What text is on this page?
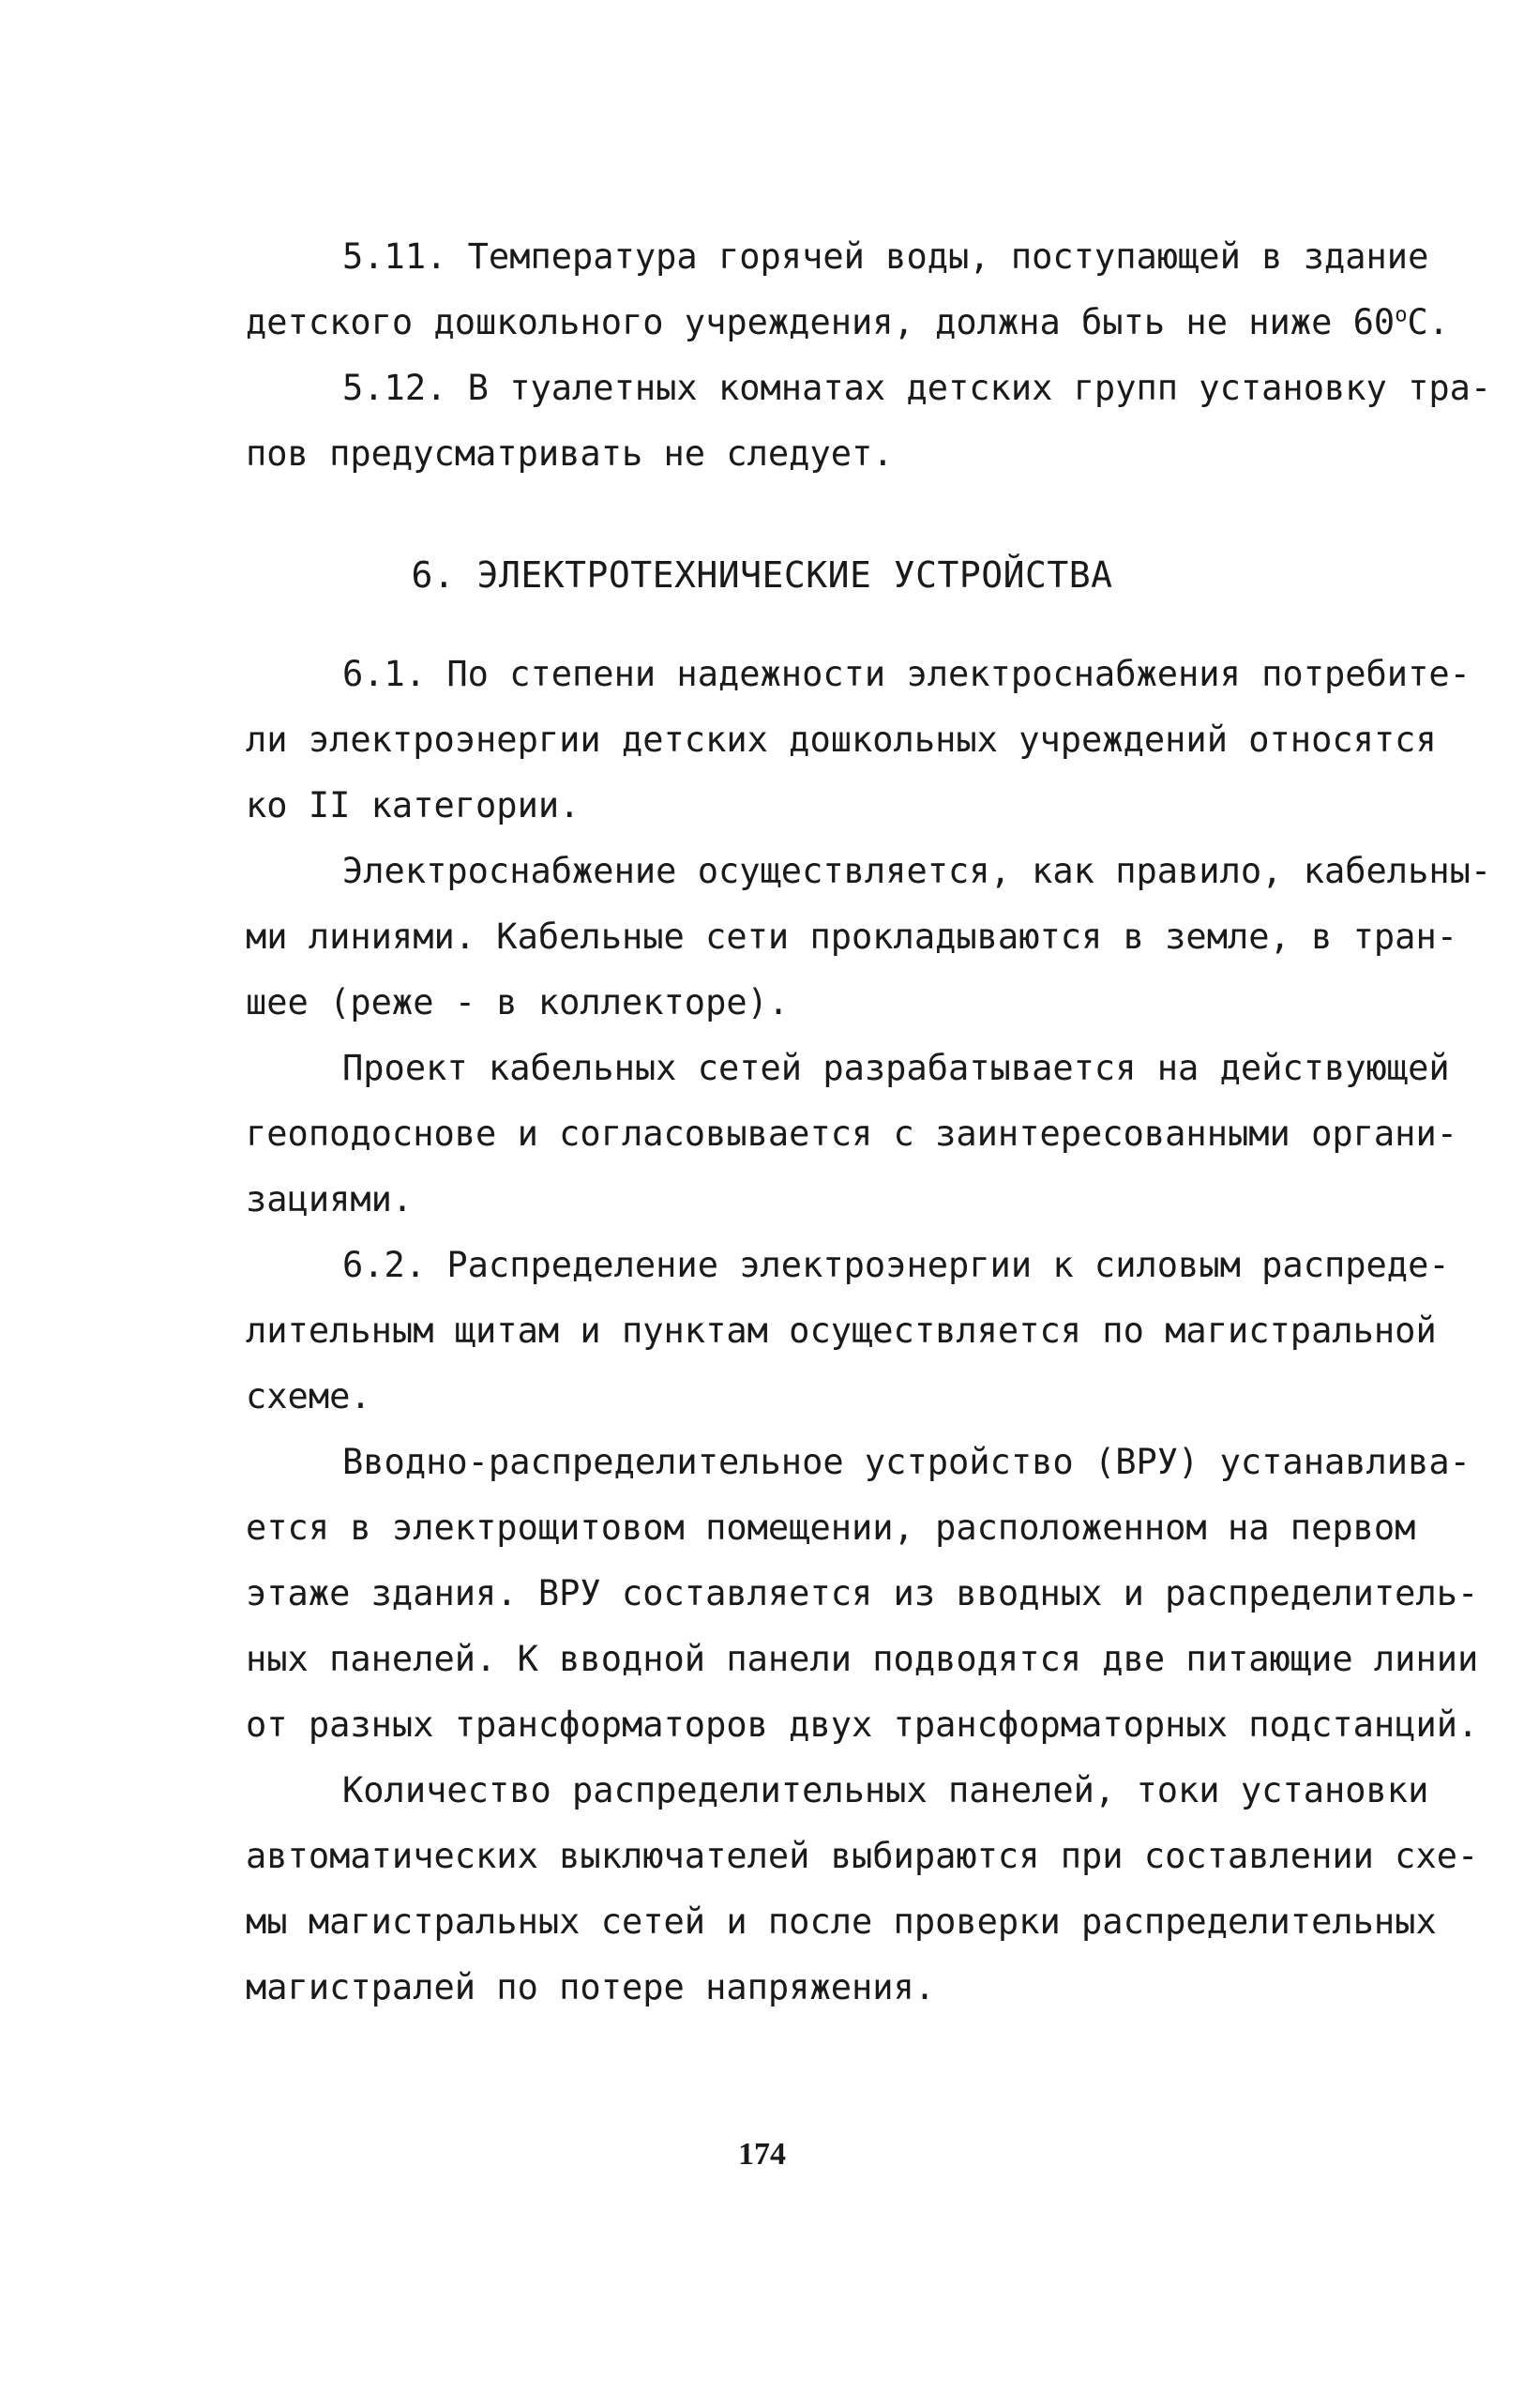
5.11. Температура горячей воды, поступающей в здание
детского дошкольного учреждения, должна быть не ниже $60^оС$.
5.12. В туалетных комнатах детских групп установку тра-
пов предусматривать не следует.
6. ЭЛЕКТРОТЕХНИЧЕСКИЕ УСТРОЙСТВА
6.1. По степени надежности электроснабжения потребите-
ли электроэнергии детских дошкольных учреждений относятся
ко II категории.
Электроснабжение осуществляется, как правило, кабельны-
ми линиями. Кабельные сети прокладываются в земле, в тран-
шее (реже - в коллекторе).
Проект кабельных сетей разрабатывается на действующей
геоподоснове и согласовывается с заинтересованными органи-
зациями.
6.2. Распределение электроэнергии к силовым распреде-
лительным щитам и пунктам осуществляется по магистральной
схеме.
Вводно-распределительное устройство (ВРУ) устанавлива-
ется в электрощитовом помещении, расположенном на первом
этаже здания. ВРУ составляется из вводных и распределитель-
ных панелей. К вводной панели подводятся две питающие линии
от разных трансформаторов двух трансформаторных подстанций.
Количество распределительных панелей, токи установки
автоматических выключателей выбираются при составлении схе-
мы магистральных сетей и после проверки распределительных
магистралей по потере напряжения.
174
